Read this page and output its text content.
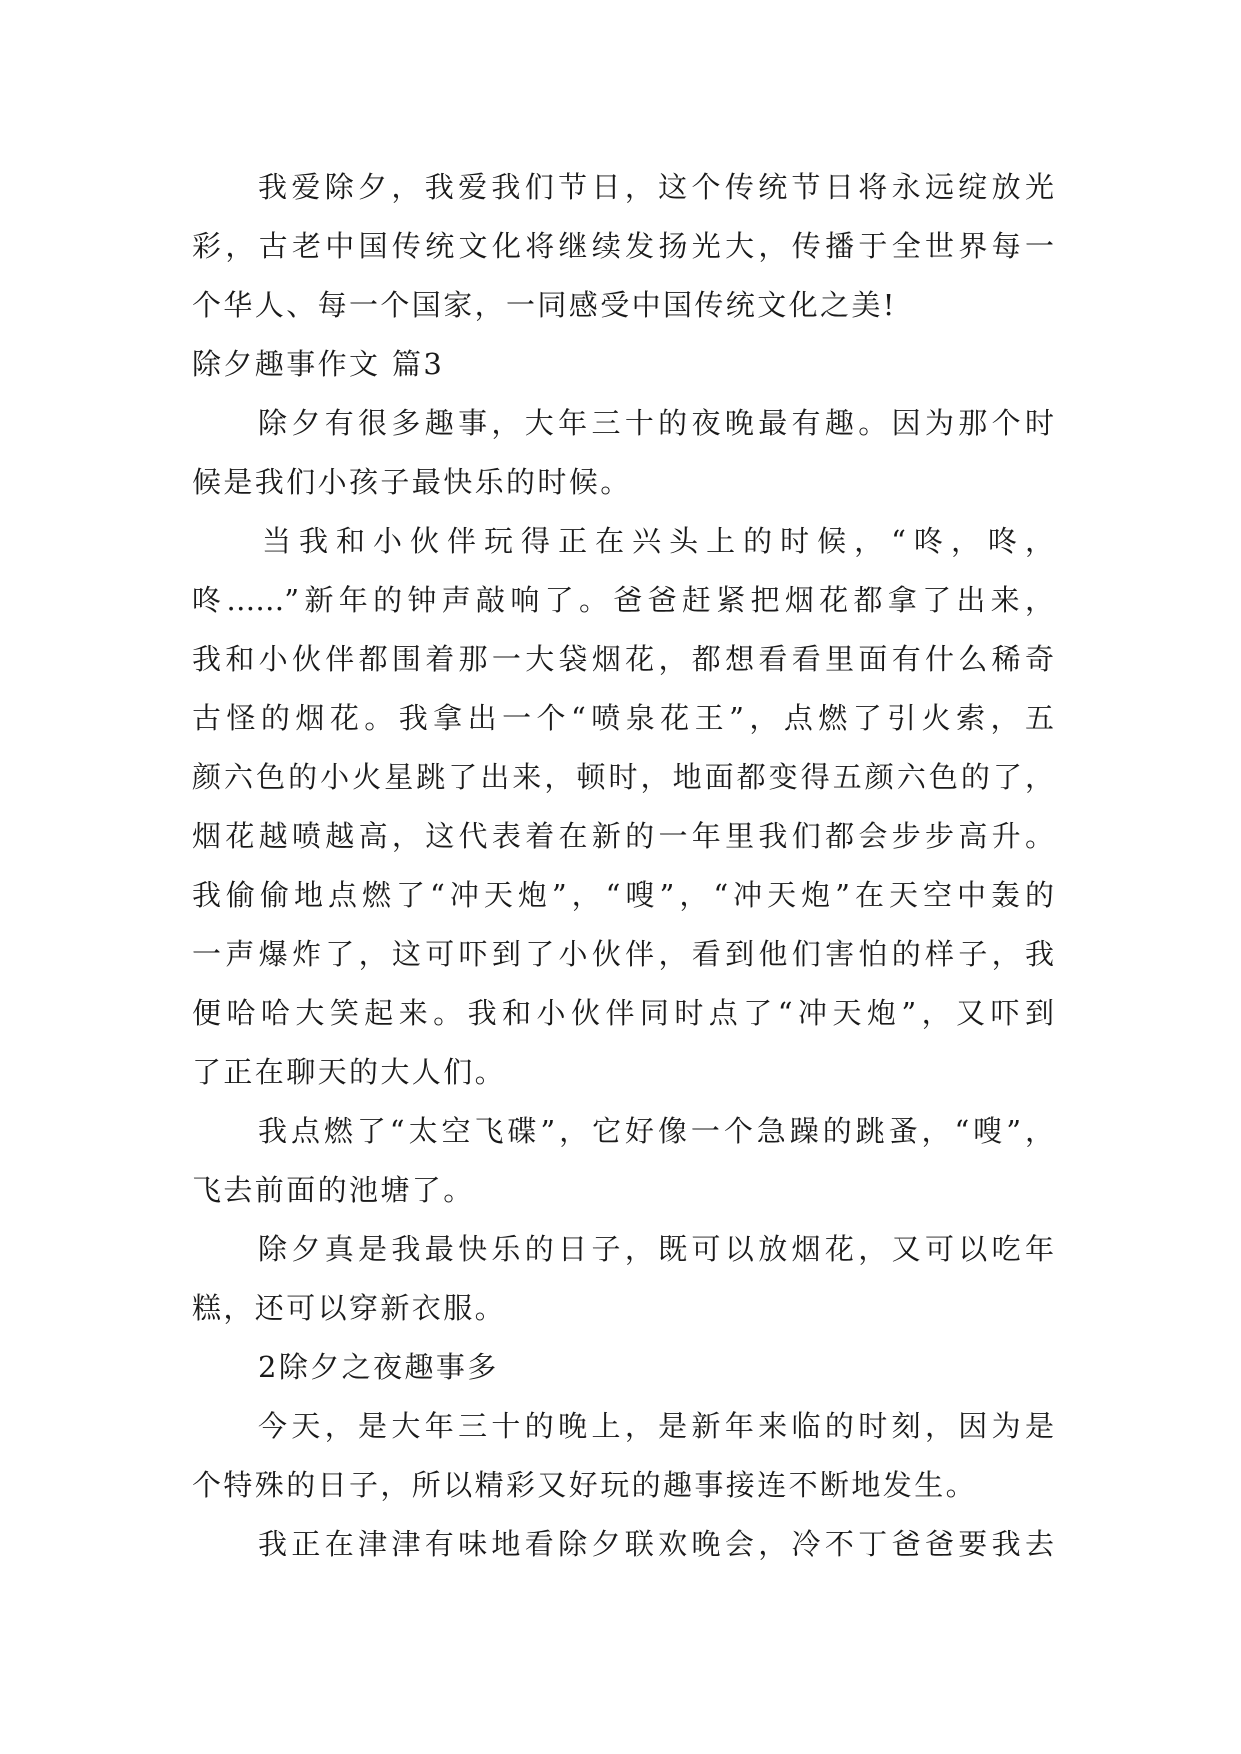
我爱除夕，我爱我们节日，这个传统节日将永远绽放光
彩，古老中国传统文化将继续发扬光大，传播于全世界每一
个华人、每一个国家，一同感受中国传统文化之美!
除夕趣事作文 篇3
除夕有很多趣事，大年三十的夜晚最有趣。因为那个时
候是我们小孩子最快乐的时候。
当我和小伙伴玩得正在兴头上的时候，“咚，咚，
咚……”新年的钟声敲响了。爸爸赶紧把烟花都拿了出来，
我和小伙伴都围着那一大袋烟花，都想看看里面有什么稀奇
古怪的烟花。我拿出一个“喷泉花王”，点燃了引火索，五
颜六色的小火星跳了出来，顿时，地面都变得五颜六色的了，
烟花越喷越高，这代表着在新的一年里我们都会步步高升。
我偷偷地点燃了“冲天炮”，“嗖”，“冲天炮”在天空中轰的
一声爆炸了，这可吓到了小伙伴，看到他们害怕的样子，我
便哈哈大笑起来。我和小伙伴同时点了“冲天炮”，又吓到
了正在聊天的大人们。
我点燃了“太空飞碟”，它好像一个急躁的跳蚤，“嗖”，
飞去前面的池塘了。
除夕真是我最快乐的日子，既可以放烟花，又可以吃年
糕，还可以穿新衣服。
2除夕之夜趣事多
今天，是大年三十的晚上，是新年来临的时刻，因为是
个特殊的日子，所以精彩又好玩的趣事接连不断地发生。
我正在津津有味地看除夕联欢晚会，冷不丁爸爸要我去
